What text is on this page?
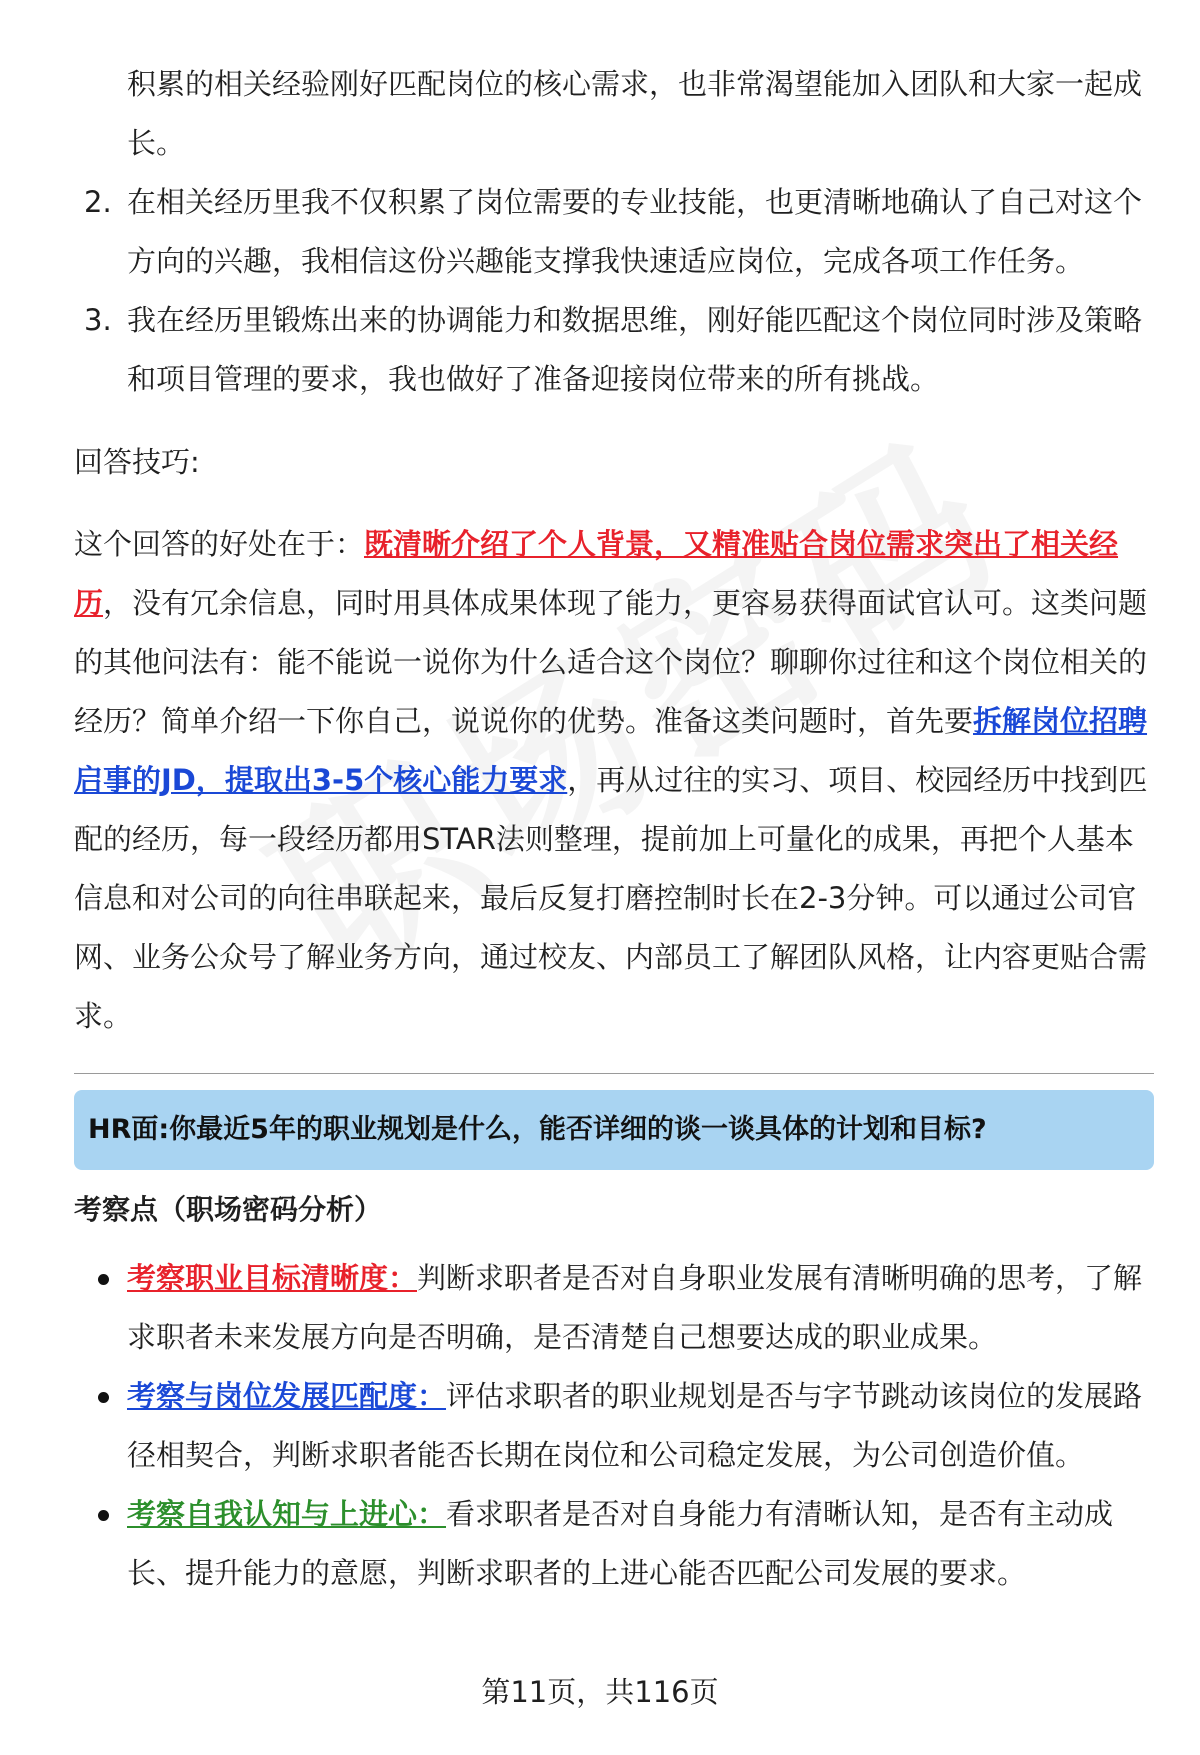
积累的相关经验刚好匹配岗位的核心需求，也非常渴望能加入团队和大家一起成长。

2. 在相关经历里我不仅积累了岗位需要的专业技能，也更清晰地确认了自己对这个方向的兴趣，我相信这份兴趣能支撑我快速适应岗位，完成各项工作任务。
3. 我在经历里锻炼出来的协调能力和数据思维，刚好能匹配这个岗位同时涉及策略和项目管理的要求，我也做好了准备迎接岗位带来的所有挑战。

回答技巧:

这个回答的好处在于：既清晰介绍了个人背景，又精准贴合岗位需求突出了相关经历，没有冗余信息，同时用具体成果体现了能力，更容易获得面试官认可。这类问题的其他问法有：能不能说一说你为什么适合这个岗位？聊聊你过往和这个岗位相关的经历？简单介绍一下你自己，说说你的优势。准备这类问题时，首先要拆解岗位招聘启事的JD，提取出3-5个核心能力要求，再从过往的实习、项目、校园经历中找到匹配的经历，每一段经历都用STAR法则整理，提前加上可量化的成果，再把个人基本信息和对公司的向往串联起来，最后反复打磨控制时长在2-3分钟。可以通过公司官网、业务公众号了解业务方向，通过校友、内部员工了解团队风格，让内容更贴合需求。

HR面:你最近5年的职业规划是什么，能否详细的谈一谈具体的计划和目标?
考察点（职场密码分析）
考察职业目标清晰度：判断求职者是否对自身职业发展有清晰明确的思考，了解求职者未来发展方向是否明确，是否清楚自己想要达成的职业成果。
考察与岗位发展匹配度：评估求职者的职业规划是否与字节跳动该岗位的发展路径相契合，判断求职者能否长期在岗位和公司稳定发展，为公司创造价值。
考察自我认知与上进心：看求职者是否对自身能力有清晰认知，是否有主动成长、提升能力的意愿，判断求职者的上进心能否匹配公司发展的要求。
第11页，共116页
